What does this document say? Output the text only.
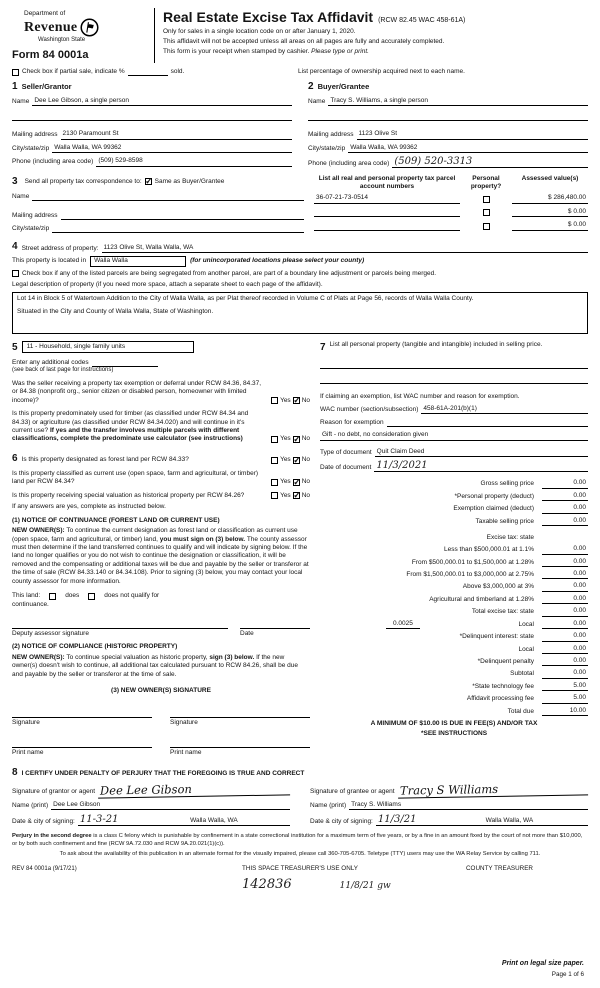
Department of
Revenue
Washington State
Form 84 0001a
Real Estate Excise Tax Affidavit (RCW 82.45 WAC 458-61A)
Only for sales in a single location code on or after January 1, 2020.
This affidavit will not be accepted unless all areas on all pages are fully and accurately completed.
This form is your receipt when stamped by cashier. Please type or print.
Check box if partial sale, indicate %	sold.	List percentage of ownership acquired next to each name.
1 Seller/Grantor
Name Dee Lee Gibson, a single person
Mailing address 2130 Paramount St
City/state/zip Walla Walla, WA 99362
Phone (including area code) (509) 529-8598
2 Buyer/Grantee
Name Tracy S. Williams, a single person
Mailing address 1123 Olive St
City/state/zip Walla Walla, WA 99362
Phone (including area code) (509) 520-3313
3 Send all property tax correspondence to: ✓ Same as Buyer/Grantee
Name
Mailing address
City/state/zip
List all real and personal property tax parcel account numbers
Personal property?
Assessed value(s)
36-07-21-73-0514	$ 286,480.00
$ 0.00
$ 0.00
4 Street address of property: 1123 Olive St, Walla Walla, WA
This property is located in	Walla Walla	(for unincorporated locations please select your county)
Check box if any of the listed parcels are being segregated from another parcel, are part of a boundary line adjustment or parcels being merged.
Legal description of property (if you need more space, attach a separate sheet to each page of the affidavit).
Lot 14 in Block 5 of Watertown Addition to the City of Walla Walla, as per Plat thereof recorded in Volume C of Plats at Page 56, records of Walla Walla County.
Situated in the City and County of Walla Walla, State of Washington.
5	11 - Household, single family units
Enter any additional codes
(see back of last page for instructions)
Was the seller receiving a property tax exemption or deferral under RCW 84.36, 84.37, or 84.38 (nonprofit org., senior citizen or disabled person, homeowner with limited income)?	Yes ✓ No
Is this property predominately used for timber (as classified under RCW 84.34 and 84.33) or agriculture (as classified under RCW 84.34.020) and will continue in it's current use? If yes and the transfer involves multiple parcels with different classifications, complete the predominate use calculator (see instructions)	Yes ✓ No
6 Is this property designated as forest land per RCW 84.33?	Yes ✓ No
Is this property classified as current use (open space, farm and agricultural, or timber) land per RCW 84.34?	Yes ✓ No
Is this property receiving special valuation as historical property per RCW 84.26?	Yes ✓ No
If any answers are yes, complete as instructed below.
(1) NOTICE OF CONTINUANCE (FOREST LAND OR CURRENT USE)
NEW OWNER(S): To continue the current designation as forest land or classification as current use (open space, farm and agricultural, or timber) land, you must sign on (3) below. The county assessor must then determine if the land transferred continues to qualify and will indicate by signing below. If the land no longer qualifies or you do not wish to continue the designation or classification, it will be removed and the compensating or additional taxes will be due and payable by the seller or transferor at the time of sale (RCW 84.33.140 or 84.34.108). Prior to signing (3) below, you may contact your local county assessor for more information.
This land:	does	does not qualify for
continuance.
Deputy assessor signature	Date
(2) NOTICE OF COMPLIANCE (HISTORIC PROPERTY)
NEW OWNER(S): To continue special valuation as historic property, sign (3) below. If the new owner(s) doesn't wish to continue, all additional tax calculated pursuant to RCW 84.26, shall be due and payable by the seller or transferor at the time of sale.
(3) NEW OWNER(S) SIGNATURE
Signature
Print name
Signature
Print name
7 List all personal property (tangible and intangible) included in selling price.
If claiming an exemption, list WAC number and reason for exemption.
WAC number (section/subsection) 458-61A-201(b)(1)
Reason for exemption
Gift - no debt, no consideration given
Type of document Quit Claim Deed
Date of document 11/3/2021
Gross selling price	0.00
*Personal property (deduct)	0.00
Exemption claimed (deduct)	0.00
Taxable selling price	0.00
Excise tax: state
Less than $500,000.01 at 1.1%	0.00
From $500,000.01 to $1,500,000 at 1.28%	0.00
From $1,500,000.01 to $3,000,000 at 2.75%	0.00
Above $3,000,000 at 3%	0.00
Agricultural and timberland at 1.28%	0.00
Total excise tax: state	0.00
0.0025	Local	0.00
*Delinquent interest: state	0.00
Local	0.00
*Delinquent penalty	0.00
Subtotal	0.00
*State technology fee	5.00
Affidavit processing fee	5.00
Total due	10.00
A MINIMUM OF $10.00 IS DUE IN FEE(S) AND/OR TAX
*SEE INSTRUCTIONS
8 I CERTIFY UNDER PENALTY OF PERJURY THAT THE FOREGOING IS TRUE AND CORRECT
Signature of grantor or agent Dee Lee Gibson
Name (print) Dee Lee Gibson
Date & city of signing: 11-3-21	Walla Walla, WA
Signature of grantee or agent Tracy S Williams
Name (print) Tracy S. Williams
Date & city of signing: 11/3/21	Walla Walla, WA
Perjury in the second degree is a class C felony which is punishable by confinement in a state correctional institution for a maximum term of five years, or by a fine in an amount fixed by the court of not more than $10,000, or by both such confinement and fine (RCW 9A.72.030 and RCW 9A.20.021(1)(c)).
To ask about the availability of this publication in an alternate format for the visually impaired, please call 360-705-6705. Teletype (TTY) users may use the WA Relay Service by calling 711.
REV 84 0001a (9/17/21)	THIS SPACE TREASURER'S USE ONLY	COUNTY TREASURER
142836	11/8/21 gw
Print on legal size paper.
Page 1 of 6
